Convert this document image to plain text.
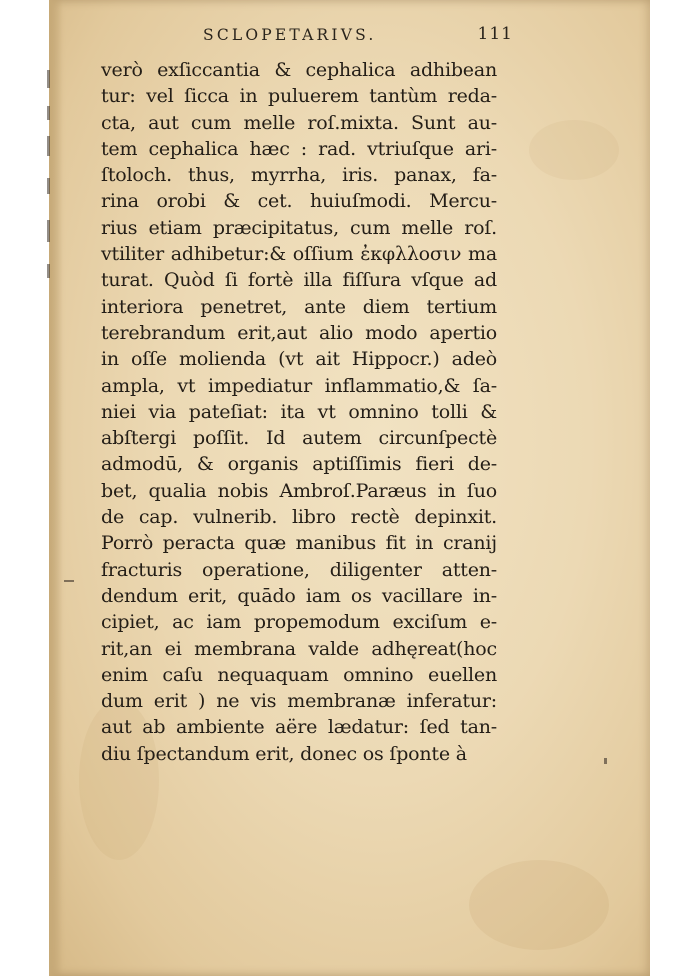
SCLOPETARIVS.	111
verò exſiccantia & cephalica adhibean
tur: vel ſicca in puluerem tantùm reda-
cta, aut cum melle roſ.mixta. Sunt au-
tem cephalica hæc : rad. vtriuſque ari-
ſtoloch. thus, myrrha, iris. panax, fa-
rina orobi & cet. huiuſmodi. Mercu-
rius etiam præcipitatus, cum melle roſ.
vtiliter adhibetur:& oſſium ἐκφλλοσιν ma
turat. Quòd ſi fortè illa fiſſura vſque ad
interiora penetret, ante diem tertium
terebrandum erit,aut alio modo apertio
in oſſe molienda (vt ait Hippocr.) adeò
ampla, vt impediatur inflammatio,& ſa-
niei via pateſiat: ita vt omnino tolli &
abſtergi poſſit. Id autem circunſpectè
admodū, & organis aptiſſimis fieri de-
bet, qualia nobis Ambroſ.Paræus in ſuo
de cap. vulnerib. libro rectè depinxit.
Porrò peracta quæ manibus fit in cranij
fracturis operatione, diligenter atten-
dendum erit, quādo iam os vacillare in-
cipiet, ac iam propemodum exciſum e-
rit,an ei membrana valde adhęreat(hoc
enim caſu nequaquam omnino euellen
dum erit ) ne vis membranæ inferatur:
aut ab ambiente aëre lædatur: ſed tan-
diu ſpectandum erit, donec os ſponte à
